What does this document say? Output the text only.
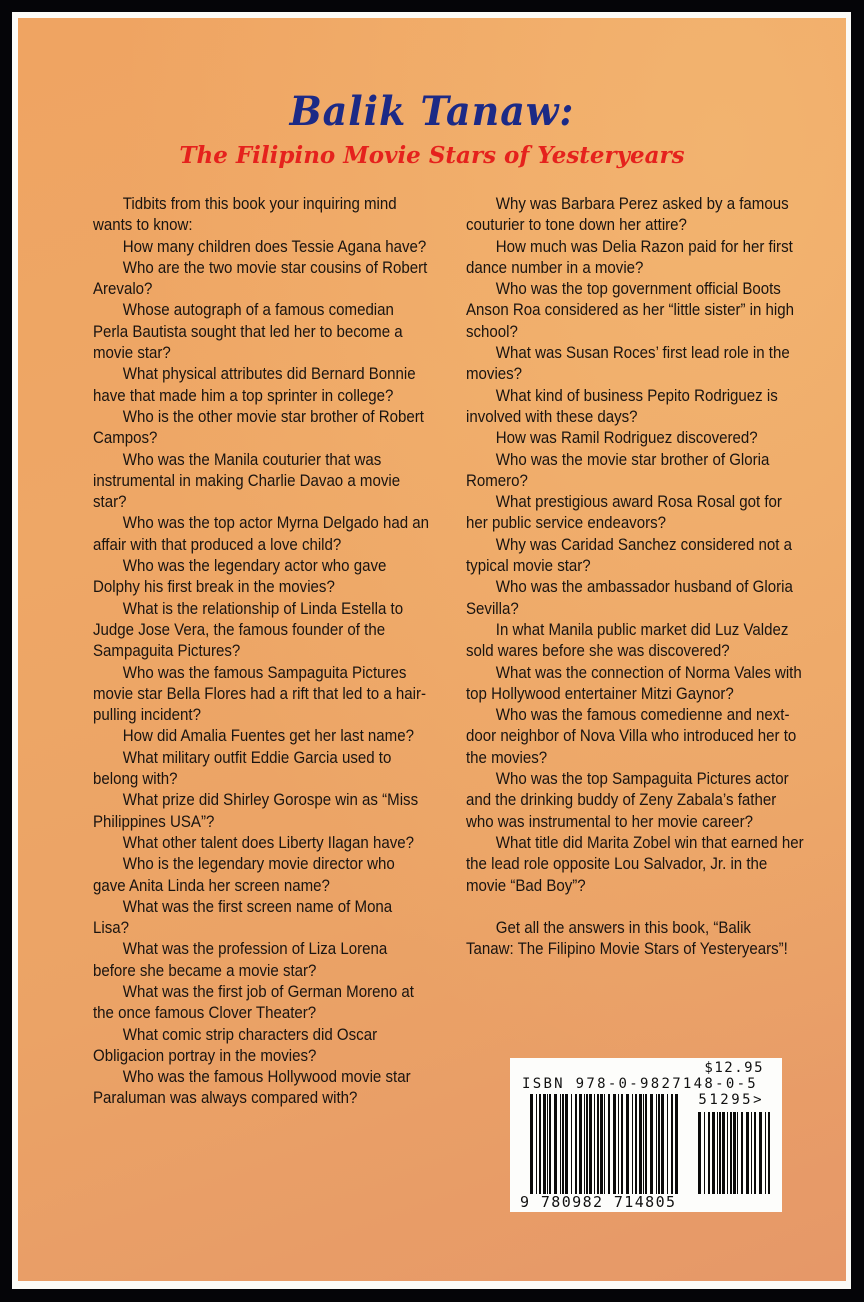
Balik Tanaw:
The Filipino Movie Stars of Yesteryears
Tidbits from this book your inquiring mind
wants to know:
How many children does Tessie Agana have?
Who are the two movie star cousins of Robert
Arevalo?
Whose autograph of a famous comedian
Perla Bautista sought that led her to become a
movie star?
What physical attributes did Bernard Bonnie
have that made him a top sprinter in college?
Who is the other movie star brother of Robert
Campos?
Who was the Manila couturier that was
instrumental in making Charlie Davao a movie
star?
Who was the top actor Myrna Delgado had an
affair with that produced a love child?
Who was the legendary actor who gave
Dolphy his first break in the movies?
What is the relationship of Linda Estella to
Judge Jose Vera, the famous founder of the
Sampaguita Pictures?
Who was the famous Sampaguita Pictures
movie star Bella Flores had a rift that led to a hair-
pulling incident?
How did Amalia Fuentes get her last name?
What military outfit Eddie Garcia used to
belong with?
What prize did Shirley Gorospe win as “Miss
Philippines USA”?
What other talent does Liberty Ilagan have?
Who is the legendary movie director who
gave Anita Linda her screen name?
What was the first screen name of Mona
Lisa?
What was the profession of Liza Lorena
before she became a movie star?
What was the first job of German Moreno at
the once famous Clover Theater?
What comic strip characters did Oscar
Obligacion portray in the movies?
Who was the famous Hollywood movie star
Paraluman was always compared with?
Why was Barbara Perez asked by a famous
couturier to tone down her attire?
How much was Delia Razon paid for her first
dance number in a movie?
Who was the top government official Boots
Anson Roa considered as her “little sister” in high
school?
What was Susan Roces’ first lead role in the
movies?
What kind of business Pepito Rodriguez is
involved with these days?
How was Ramil Rodriguez discovered?
Who was the movie star brother of Gloria
Romero?
What prestigious award Rosa Rosal got for
her public service endeavors?
Why was Caridad Sanchez considered not a
typical movie star?
Who was the ambassador husband of Gloria
Sevilla?
In what Manila public market did Luz Valdez
sold wares before she was discovered?
What was the connection of Norma Vales with
top Hollywood entertainer Mitzi Gaynor?
Who was the famous comedienne and next-
door neighbor of Nova Villa who introduced her to
the movies?
Who was the top Sampaguita Pictures actor
and the drinking buddy of Zeny Zabala’s father
who was instrumental to her movie career?
What title did Marita Zobel win that earned her
the lead role opposite Lou Salvador, Jr. in the
movie “Bad Boy”?

Get all the answers in this book, “Balik
Tanaw: The Filipino Movie Stars of Yesteryears”!
$12.95
ISBN 978-0-9827148-0-5
51295>
9 780982 714805
